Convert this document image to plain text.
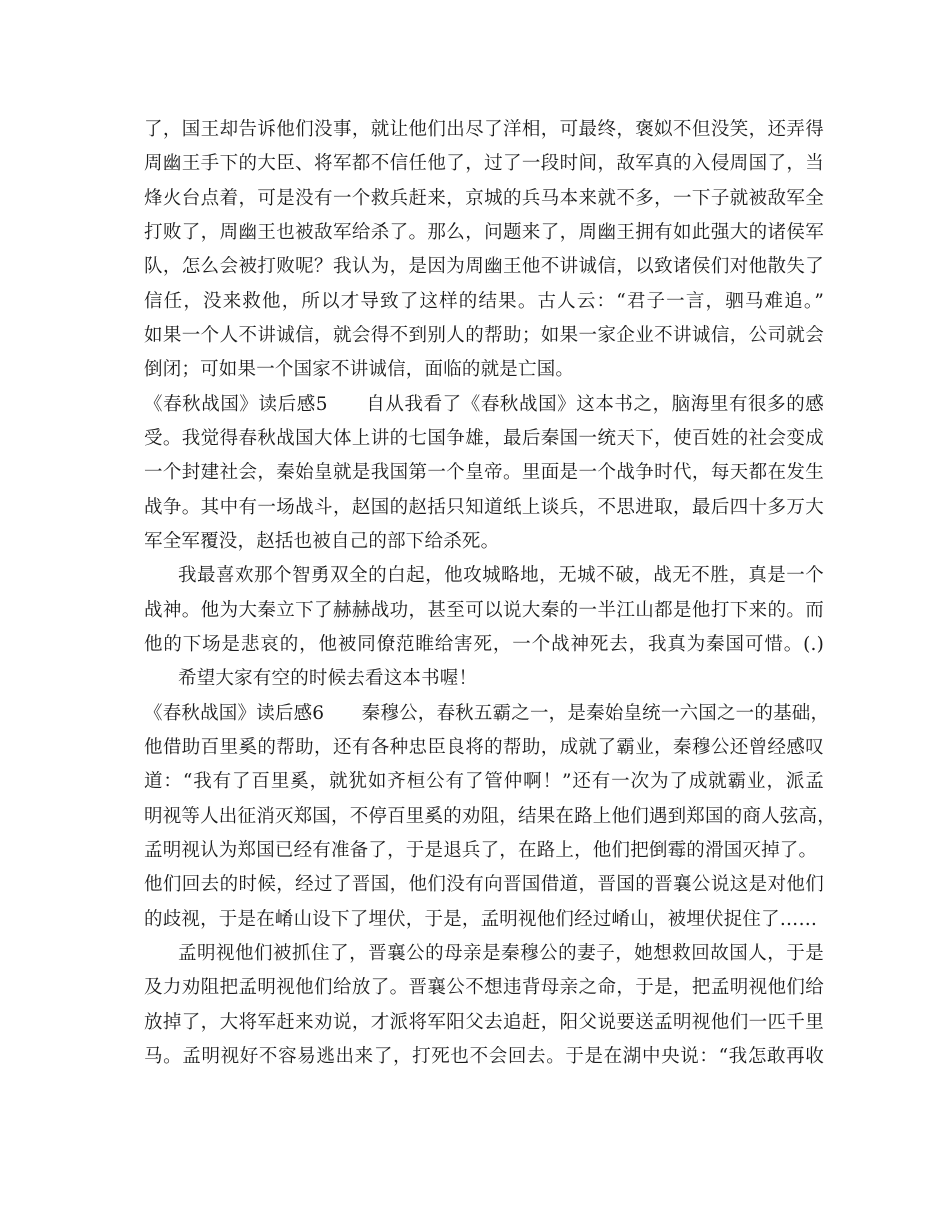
了，国王却告诉他们没事，就让他们出尽了洋相，可最终，褒姒不但没笑，还弄得
周幽王手下的大臣、将军都不信任他了，过了一段时间，敌军真的入侵周国了，当
烽火台点着，可是没有一个救兵赶来，京城的兵马本来就不多，一下子就被敌军全
打败了，周幽王也被敌军给杀了。那么，问题来了，周幽王拥有如此强大的诸侯军
队，怎么会被打败呢？我认为，是因为周幽王他不讲诚信，以致诸侯们对他散失了
信任，没来救他，所以才导致了这样的结果。古人云：“君子一言，驷马难追。”
如果一个人不讲诚信，就会得不到别人的帮助；如果一家企业不讲诚信，公司就会
倒闭；可如果一个国家不讲诚信，面临的就是亡国。
《春秋战国》读后感5　　自从我看了《春秋战国》这本书之，脑海里有很多的感
受。我觉得春秋战国大体上讲的七国争雄，最后秦国一统天下，使百姓的社会变成
一个封建社会，秦始皇就是我国第一个皇帝。里面是一个战争时代，每天都在发生
战争。其中有一场战斗，赵国的赵括只知道纸上谈兵，不思进取，最后四十多万大
军全军覆没，赵括也被自己的部下给杀死。
我最喜欢那个智勇双全的白起，他攻城略地，无城不破，战无不胜，真是一个
战神。他为大秦立下了赫赫战功，甚至可以说大秦的一半江山都是他打下来的。而
他的下场是悲哀的，他被同僚范睢给害死，一个战神死去，我真为秦国可惜。(.)
希望大家有空的时候去看这本书喔！
《春秋战国》读后感6　　秦穆公，春秋五霸之一，是秦始皇统一六国之一的基础，
他借助百里奚的帮助，还有各种忠臣良将的帮助，成就了霸业，秦穆公还曾经感叹
道：“我有了百里奚，就犹如齐桓公有了管仲啊！”还有一次为了成就霸业，派孟
明视等人出征消灭郑国，不停百里奚的劝阻，结果在路上他们遇到郑国的商人弦高，
孟明视认为郑国已经有准备了，于是退兵了，在路上，他们把倒霉的滑国灭掉了。
他们回去的时候，经过了晋国，他们没有向晋国借道，晋国的晋襄公说这是对他们
的歧视，于是在崤山设下了埋伏，于是，孟明视他们经过崤山，被埋伏捉住了……
孟明视他们被抓住了，晋襄公的母亲是秦穆公的妻子，她想救回故国人，于是
及力劝阻把孟明视他们给放了。晋襄公不想违背母亲之命，于是，把孟明视他们给
放掉了，大将军赶来劝说，才派将军阳父去追赶，阳父说要送孟明视他们一匹千里
马。孟明视好不容易逃出来了，打死也不会回去。于是在湖中央说：“我怎敢再收
